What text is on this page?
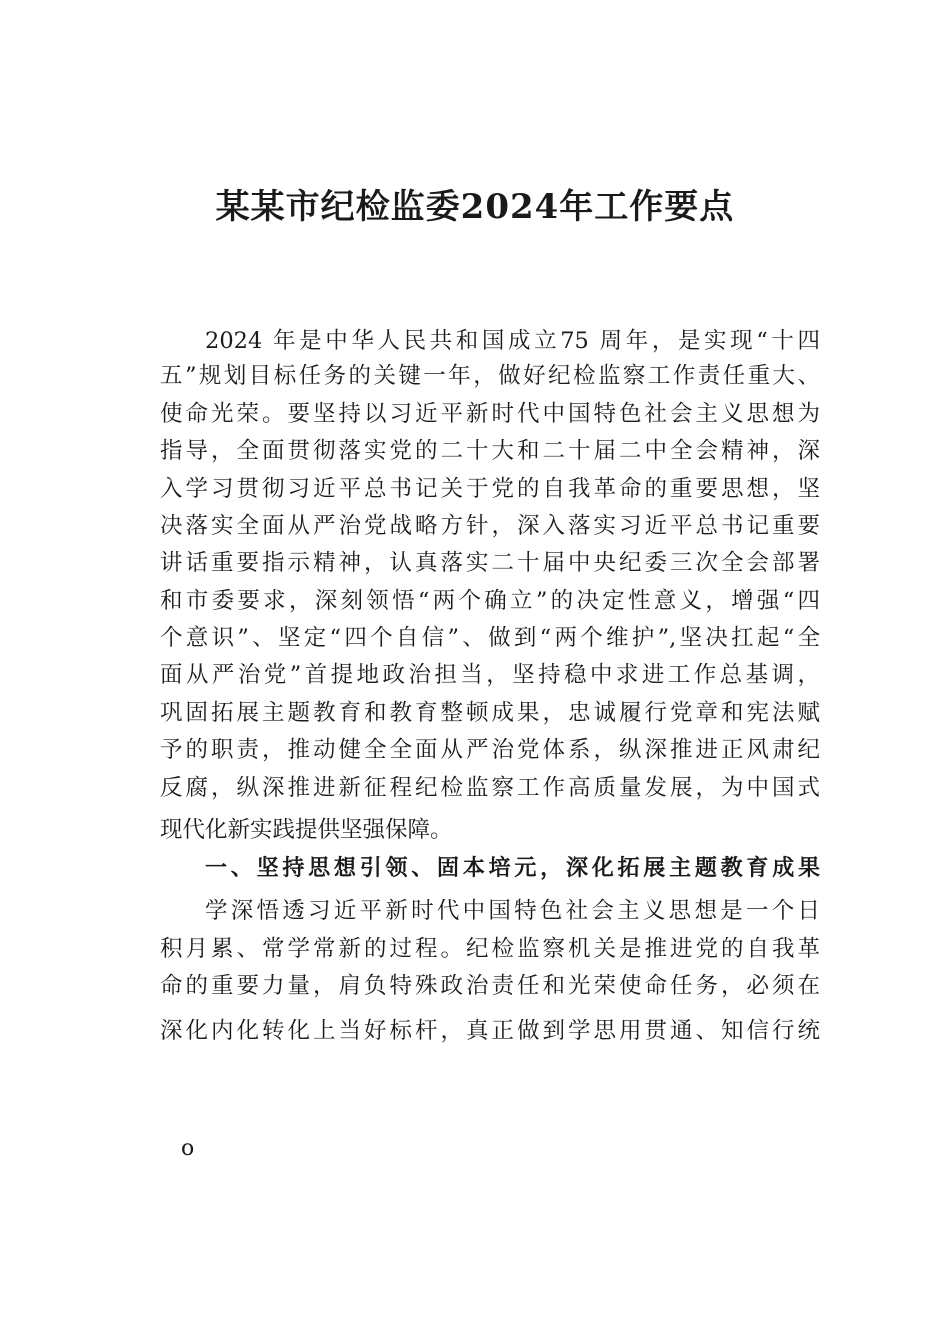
某某市纪检监委2024年工作要点

2024 年是中华人民共和国成立75 周年，是实现“十四

五”规划目标任务的关键一年，做好纪检监察工作责任重大、

使命光荣。要坚持以习近平新时代中国特色社会主义思想为

指导，全面贯彻落实党的二十大和二十届二中全会精神，深

入学习贯彻习近平总书记关于党的自我革命的重要思想，坚

决落实全面从严治党战略方针，深入落实习近平总书记重要

讲话重要指示精神，认真落实二十届中央纪委三次全会部署

和市委要求，深刻领悟“两个确立”的决定性意义，增强“四

个意识”、坚定“四个自信”、做到“两个维护”,坚决扛起“全

面从严治党”首提地政治担当，坚持稳中求进工作总基调，

巩固拓展主题教育和教育整顿成果，忠诚履行党章和宪法赋

予的职责，推动健全全面从严治党体系，纵深推进正风肃纪

反腐，纵深推进新征程纪检监察工作高质量发展，为中国式

现代化新实践提供坚强保障。

一、坚持思想引领、固本培元，深化拓展主题教育成果

学深悟透习近平新时代中国特色社会主义思想是一个日

积月累、常学常新的过程。纪检监察机关是推进党的自我革

命的重要力量，肩负特殊政治责任和光荣使命任务，必须在

深化内化转化上当好标杆，真正做到学思用贯通、知信行统

o
